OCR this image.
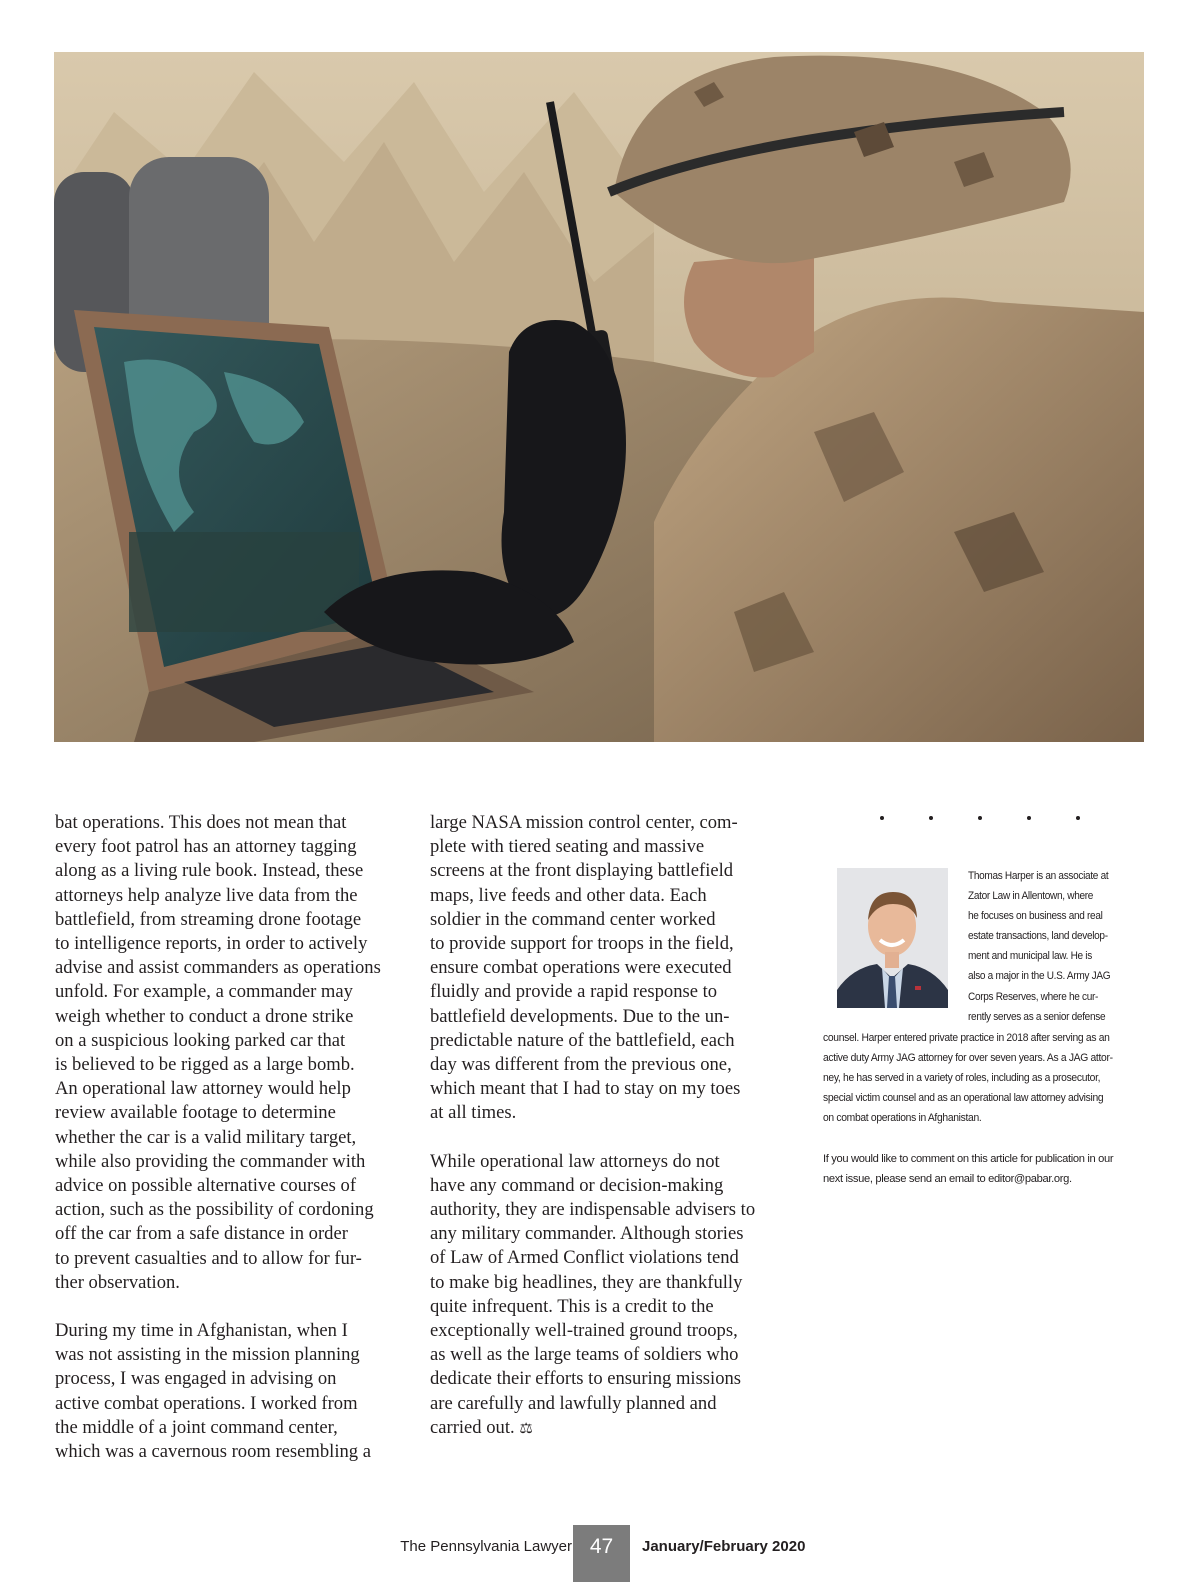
bat operations. This does not mean that
every foot patrol has an attorney tagging
along as a living rule book. Instead, these
attorneys help analyze live data from the
battlefield, from streaming drone footage
to intelligence reports, in order to actively
advise and assist commanders as operations
unfold. For example, a commander may
weigh whether to conduct a drone strike
on a suspicious looking parked car that
is believed to be rigged as a large bomb.
An operational law attorney would help
review available footage to determine
whether the car is a valid military target,
while also providing the commander with
advice on possible alternative courses of
action, such as the possibility of cordoning
off the car from a safe distance in order
to prevent casualties and to allow for fur-
ther observation.

During my time in Afghanistan, when I
was not assisting in the mission planning
process, I was engaged in advising on
active combat operations. I worked from
the middle of a joint command center,
which was a cavernous room resembling a

large NASA mission control center, com-
plete with tiered seating and massive
screens at the front displaying battlefield
maps, live feeds and other data. Each
soldier in the command center worked
to provide support for troops in the field,
ensure combat operations were executed
fluidly and provide a rapid response to
battlefield developments. Due to the un-
predictable nature of the battlefield, each
day was different from the previous one,
which meant that I had to stay on my toes
at all times.

While operational law attorneys do not
have any command or decision-making
authority, they are indispensable advisers to
any military commander. Although stories
of Law of Armed Conflict violations tend
to make big headlines, they are thankfully
quite infrequent. This is a credit to the
exceptionally well-trained ground troops,
as well as the large teams of soldiers who
dedicate their efforts to ensuring missions
are carefully and lawfully planned and
carried out. ⚖

Thomas Harper is an associate at
Zator Law in Allentown, where
he focuses on business and real
estate transactions, land develop-
ment and municipal law. He is
also a major in the U.S. Army JAG
Corps Reserves, where he cur-
rently serves as a senior defense
counsel. Harper entered private practice in 2018 after serving as an
active duty Army JAG attorney for over seven years. As a JAG attor-
ney, he has served in a variety of roles, including as a prosecutor,
special victim counsel and as an operational law attorney advising
on combat operations in Afghanistan.
If you would like to comment on this article for publication in our
next issue, please send an email to editor@pabar.org.
The Pennsylvania Lawyer 47	January/February 2020
